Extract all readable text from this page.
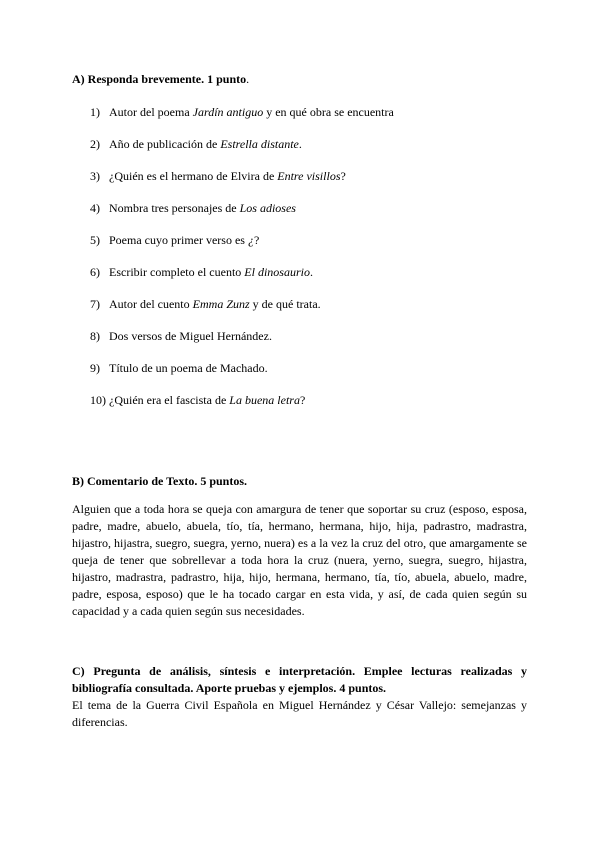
A) Responda brevemente. 1 punto.
1) Autor del poema Jardín antiguo y en qué obra se encuentra
2) Año de publicación de Estrella distante.
3) ¿Quién es el hermano de Elvira de Entre visillos?
4) Nombra tres personajes de Los adioses
5) Poema cuyo primer verso es ¿?
6) Escribir completo el cuento El dinosaurio.
7) Autor del cuento Emma Zunz y de qué trata.
8) Dos versos de Miguel Hernández.
9) Título de un poema de Machado.
10) ¿Quién era el fascista de La buena letra?
B) Comentario de Texto. 5 puntos.

Alguien que a toda hora se queja con amargura de tener que soportar su cruz (esposo, esposa, padre, madre, abuelo, abuela, tío, tía, hermano, hermana, hijo, hija, padrastro, madrastra, hijastro, hijastra, suegro, suegra, yerno, nuera) es a la vez la cruz del otro, que amargamente se queja de tener que sobrellevar a toda hora la cruz (nuera, yerno, suegra, suegro, hijastra, hijastro, madrastra, padrastro, hija, hijo, hermana, hermano, tía, tío, abuela, abuelo, madre, padre, esposa, esposo) que le ha tocado cargar en esta vida, y así, de cada quien según su capacidad y a cada quien según sus necesidades.

C) Pregunta de análisis, síntesis e interpretación. Emplee lecturas realizadas y bibliografía consultada. Aporte pruebas y ejemplos. 4 puntos.

El tema de la Guerra Civil Española en Miguel Hernández y César Vallejo: semejanzas y diferencias.
